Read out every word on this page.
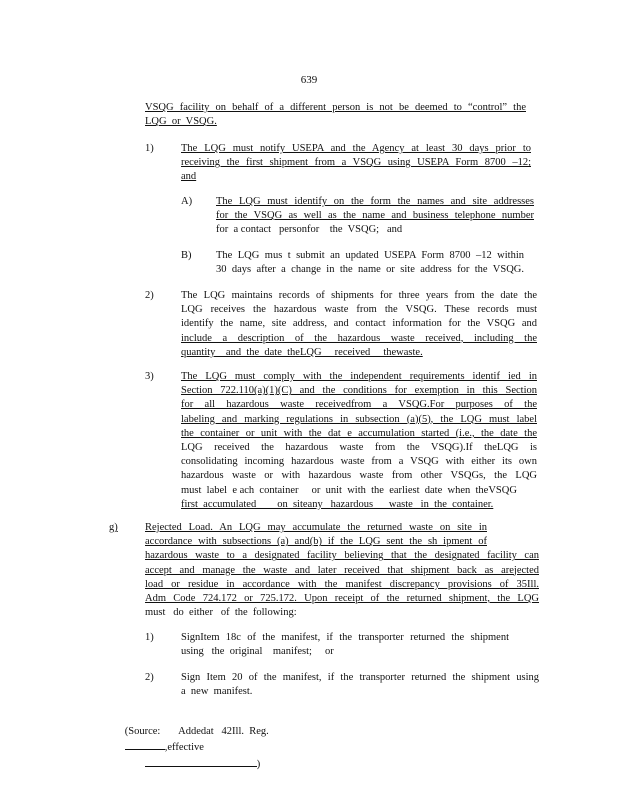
639
VSQG facility on behalf of a different person is not be deemed to “control” the
LQG  or  VSQG.
1)	The LQG must notify USEPA and the Agency at least 30 days prior to
receiving the first shipment from a VSQG using USEPA Form 8700 –12;
and
A) The LQG must identify on the form the names and site addresses
for the VSQG as well as the name and business telephone number
for  a contact   personfor    the  VSQG;   and
B) The LQG mus t submit an updated USEPA Form 8700 –12 within
30 days after a change in the name or site address for the VSQG.
2)	The LQG maintains records of shipments for three years from the date the
LQG receives the hazardous waste from the VSQG. These records must
identify the name, site address, and contact information for the VSQG and
include a description of the hazardous waste received, including the
quantity    and  the  date  theLQG     received     thewaste.
3)	The LQG must comply with the independent requirements identif ied in
Section 722.110(a)(1)(C) and the conditions for exemption in this Section
for all hazardous waste receivedfrom a VSQG.For purposes of the
labeling and marking regulations in subsection (a)(5), the LQG must label
the container or unit with the dat e accumulation started (i.e., the date the
LQG received the hazardous waste from the VSQG).If theLQG is
consolidating incoming hazardous waste from a VSQG with either its own
hazardous waste or with hazardous waste from other VSQGs, the LQG
must  label  e ach  container     or  unit  with  the  earliest  date  when  theVSQG
first  accumulated        on  siteany   hazardous      waste   in  the  container.
g)	Rejected Load. An LQG may accumulate the returned waste on site in
accordance with subsections (a) and(b) if the LQG sent the sh ipment of
hazardous waste to a designated facility believing that the designated facility can
accept and manage the waste and later received that shipment back as arejected
load or residue in accordance with the manifest discrepancy provisions of 35Ill.
Adm Code 724.172 or 725.172. Upon receipt of the returned shipment, the LQG
must   do  either   of  the  following:
1)	SignItem 18c of the manifest, if the transporter returned the shipment
using   the  original    manifest;     or
2)	Sign Item 20 of the manifest, if the transporter returned the shipment using
a  new  manifest.

(Source:       Addedat   42Ill.  Reg.
,effective
)
